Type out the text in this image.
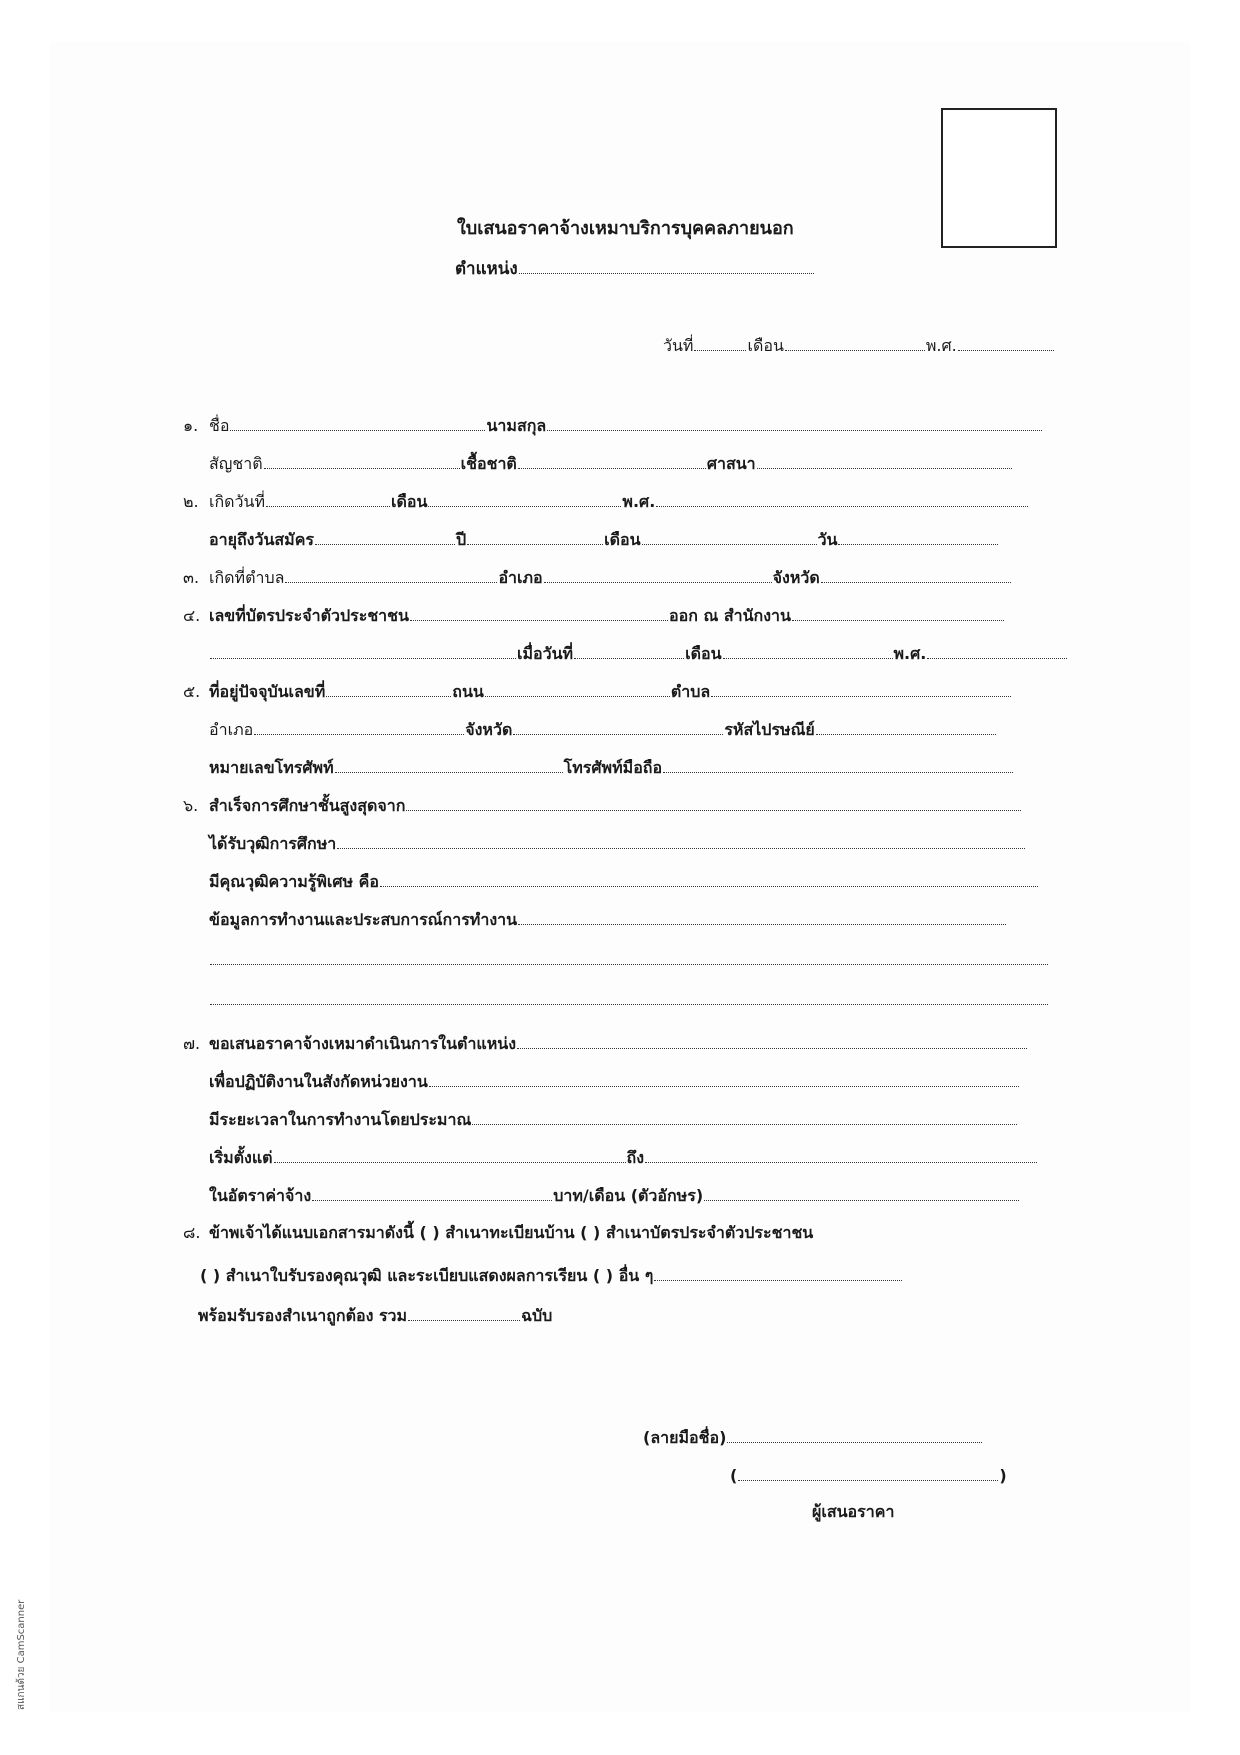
ใบเสนอราคาจ้างเหมาบริการบุคคลภายนอก
ตำแหน่ง
วันที่	เดือน	พ.ศ.
๑. ชื่อ	นามสกุล
สัญชาติ	เชื้อชาติ	ศาสนา
๒. เกิดวันที่	เดือน	พ.ศ.
อายุถึงวันสมัคร	ปี	เดือน	วัน
๓. เกิดที่ตำบล	อำเภอ	จังหวัด
๔. เลขที่บัตรประจำตัวประชาชน	ออก ณ สำนักงาน
เมื่อวันที่	เดือน	พ.ศ.
๕. ที่อยู่ปัจจุบันเลขที่	ถนน	ตำบล
อำเภอ	จังหวัด	รหัสไปรษณีย์
หมายเลขโทรศัพท์	โทรศัพท์มือถือ
๖. สำเร็จการศึกษาชั้นสูงสุดจาก
ได้รับวุฒิการศึกษา
มีคุณวุฒิความรู้พิเศษ คือ
ข้อมูลการทำงานและประสบการณ์การทำงาน
๗. ขอเสนอราคาจ้างเหมาดำเนินการในตำแหน่ง
เพื่อปฏิบัติงานในสังกัดหน่วยงาน
มีระยะเวลาในการทำงานโดยประมาณ
เริ่มตั้งแต่	ถึง
ในอัตราค่าจ้าง	บาท/เดือน (ตัวอักษร)
๘. ข้าพเจ้าได้แนบเอกสารมาดังนี้ ( ) สำเนาทะเบียนบ้าน ( ) สำเนาบัตรประจำตัวประชาชน
( ) สำเนาใบรับรองคุณวุฒิ และระเบียบแสดงผลการเรียน ( ) อื่น ๆ
พร้อมรับรองสำเนาถูกต้อง รวม	ฉบับ
(ลายมือชื่อ)
(	)
ผู้เสนอราคา
สแกนด้วย CamScanner
